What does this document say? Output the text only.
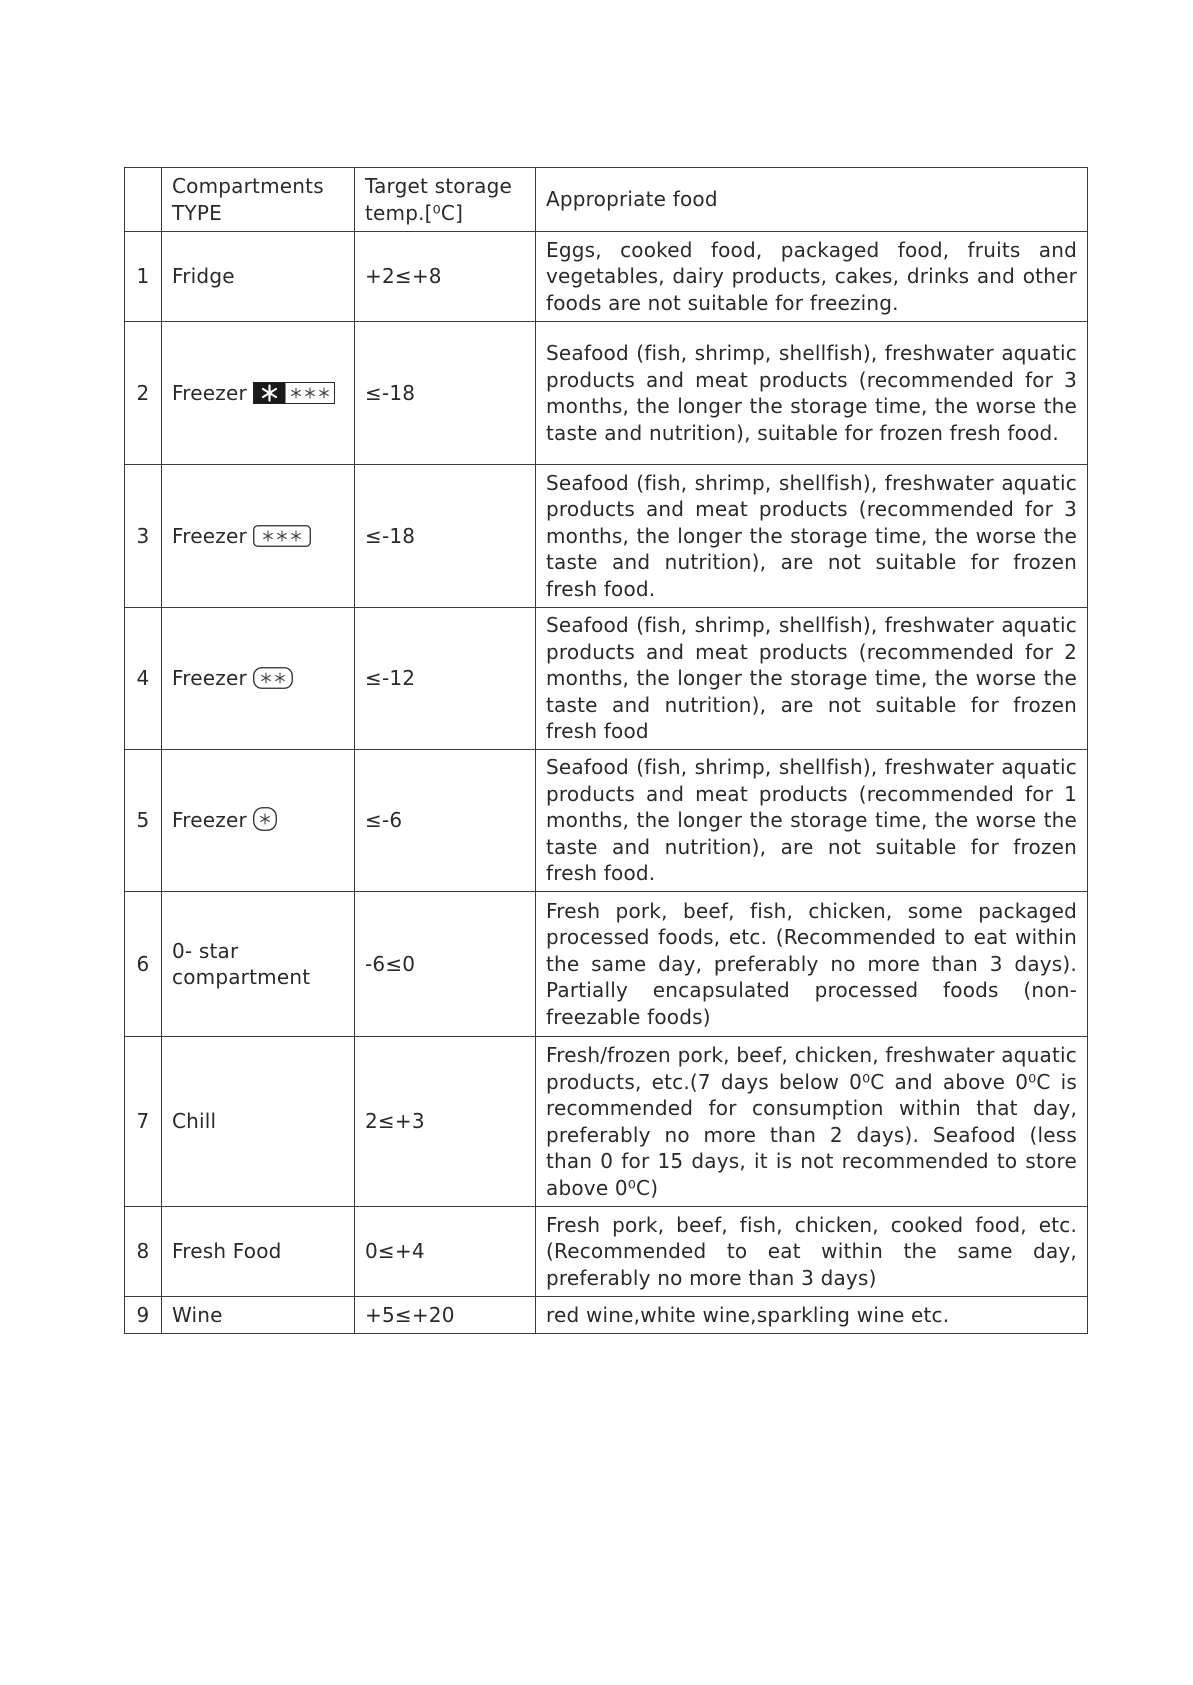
	Compartments TYPE	Target storage temp.[⁰C]	Appropriate food
1	Fridge	+2≤+8	Eggs, cooked food, packaged food, fruits and vegetables, dairy products, cakes, drinks and other foods are not suitable for freezing.
2	Freezer	≤-18	Seafood (fish, shrimp, shellfish), freshwater aquatic products and meat products (recommended for 3 months, the longer the storage time, the worse the taste and nutrition), suitable for frozen fresh food.
3	Freezer	≤-18	Seafood (fish, shrimp, shellfish), freshwater aquatic products and meat products (recommended for 3 months, the longer the storage time, the worse the taste and nutrition), are not suitable for frozen fresh food.
4	Freezer	≤-12	Seafood (fish, shrimp, shellfish), freshwater aquatic products and meat products (recommended for 2 months, the longer the storage time, the worse the taste and nutrition), are not suitable for frozen fresh food
5	Freezer	≤-6	Seafood (fish, shrimp, shellfish), freshwater aquatic products and meat products (recommended for 1 months, the longer the storage time, the worse the taste and nutrition), are not suitable for frozen fresh food.
6	0- star compartment	-6≤0	Fresh pork, beef, fish, chicken, some packaged processed foods, etc. (Recommended to eat within the same day, preferably no more than 3 days). Partially encapsulated processed foods (non-freezable foods)
7	Chill	2≤+3	Fresh/frozen pork, beef, chicken, freshwater aquatic products, etc.(7 days below 0⁰C and above 0⁰C is recommended for consumption within that day, preferably no more than 2 days). Seafood (less than 0 for 15 days, it is not recommended to store above 0⁰C)
8	Fresh Food	0≤+4	Fresh pork, beef, fish, chicken, cooked food, etc. (Recommended to eat within the same day, preferably no more than 3 days)
9	Wine	+5≤+20	red wine,white wine,sparkling wine etc.
